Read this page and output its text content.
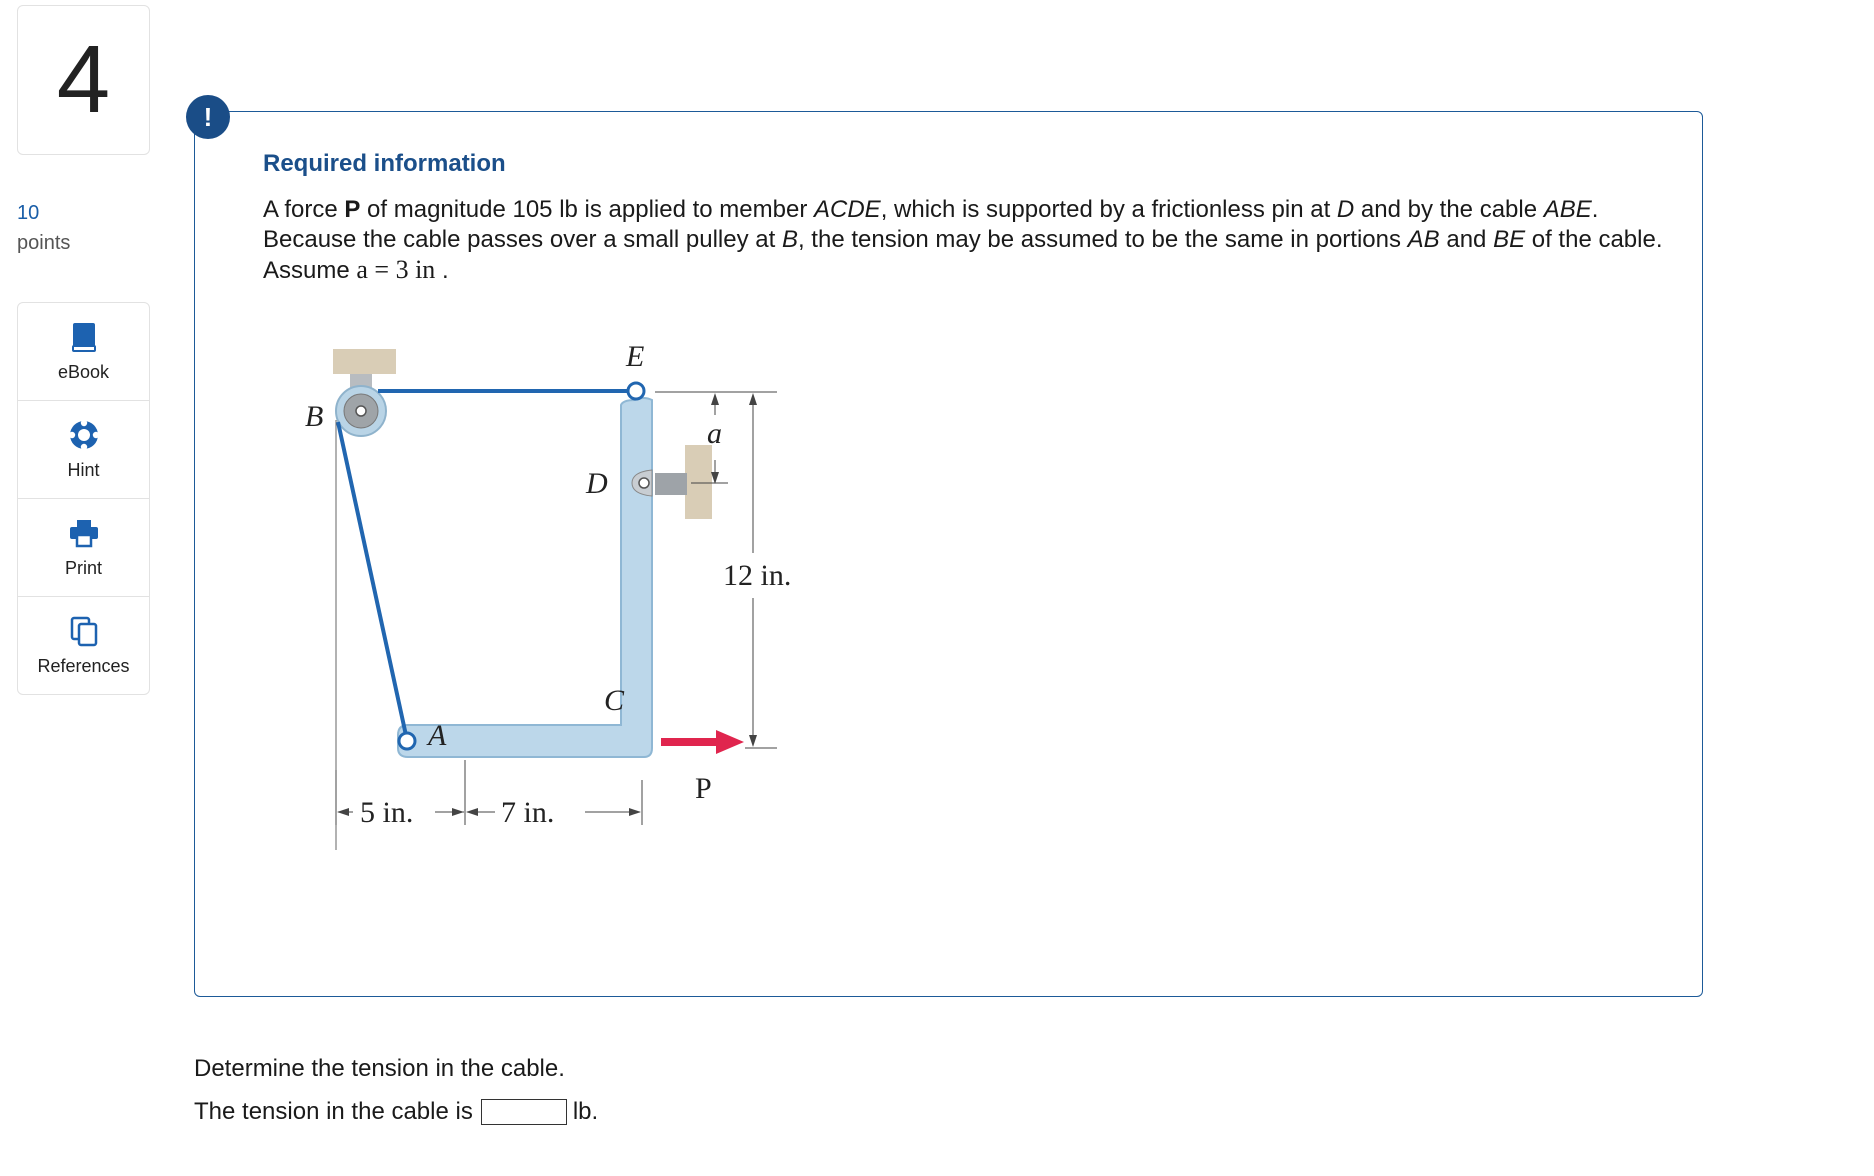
4
10
points
eBook
Hint
Print
References
!
Required information
A force P of magnitude 105 lb is applied to member ACDE, which is supported by a frictionless pin at D and by the cable ABE. Because the cable passes over a small pulley at B, the tension may be assumed to be the same in portions AB and BE of the cable. Assume a = 3 in .
B
E
D
C
A
P
a
12 in.
5 in.	7 in.
Determine the tension in the cable.
The tension in the cable is	lb.
